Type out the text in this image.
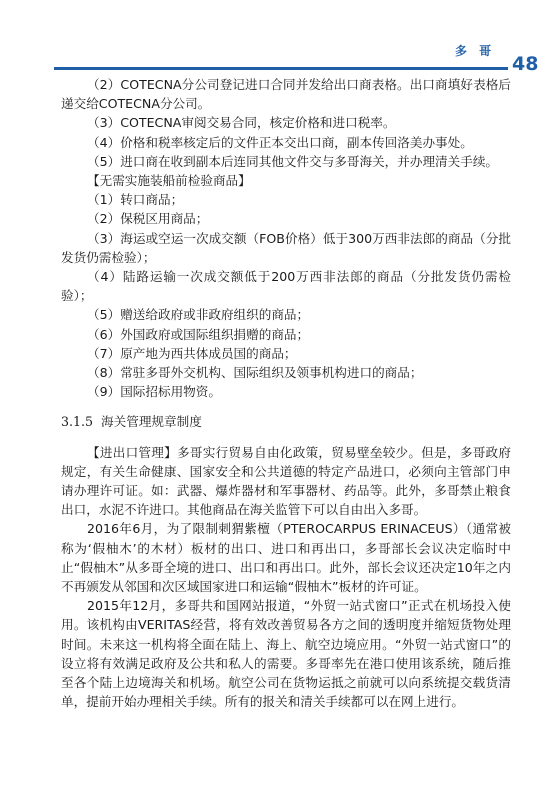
多 哥
48

（2）COTECNA分公司登记进口合同并发给出口商表格。出口商填好表格后递交给COTECNA分公司。

（3）COTECNA审阅交易合同，核定价格和进口税率。

（4）价格和税率核定后的文件正本交出口商，副本传回洛美办事处。

（5）进口商在收到副本后连同其他文件交与多哥海关，并办理清关手续。

【无需实施装船前检验商品】

（1）转口商品；

（2）保税区用商品；

（3）海运或空运一次成交额（FOB价格）低于300万西非法郎的商品（分批发货仍需检验）；

（4）陆路运输一次成交额低于200万西非法郎的商品（分批发货仍需检验）；

（5）赠送给政府或非政府组织的商品；

（6）外国政府或国际组织捐赠的商品；

（7）原产地为西共体成员国的商品；

（8）常驻多哥外交机构、国际组织及领事机构进口的商品；

（9）国际招标用物资。

3.1.5 海关管理规章制度

【进出口管理】多哥实行贸易自由化政策，贸易壁垒较少。但是，多哥政府规定，有关生命健康、国家安全和公共道德的特定产品进口，必须向主管部门申请办理许可证。如：武器、爆炸器材和军事器材、药品等。此外，多哥禁止粮食出口，水泥不许进口。其他商品在海关监管下可以自由出入多哥。

2016年6月，为了限制刺猬紫檀（PTEROCARPUS ERINACEUS）（通常被称为‘假柚木’的木材）板材的出口、进口和再出口，多哥部长会议决定临时中止“假柚木”从多哥全境的进口、出口和再出口。此外，部长会议还决定10年之内不再颁发从邻国和次区域国家进口和运输“假柚木”板材的许可证。

2015年12月，多哥共和国网站报道，“外贸一站式窗口”正式在机场投入使用。该机构由VERITAS经营，将有效改善贸易各方之间的透明度并缩短货物处理时间。未来这一机构将全面在陆上、海上、航空边境应用。“外贸一站式窗口”的设立将有效满足政府及公共和私人的需要。多哥率先在港口使用该系统，随后推至各个陆上边境海关和机场。航空公司在货物运抵之前就可以向系统提交载货清单，提前开始办理相关手续。所有的报关和清关手续都可以在网上进行。
